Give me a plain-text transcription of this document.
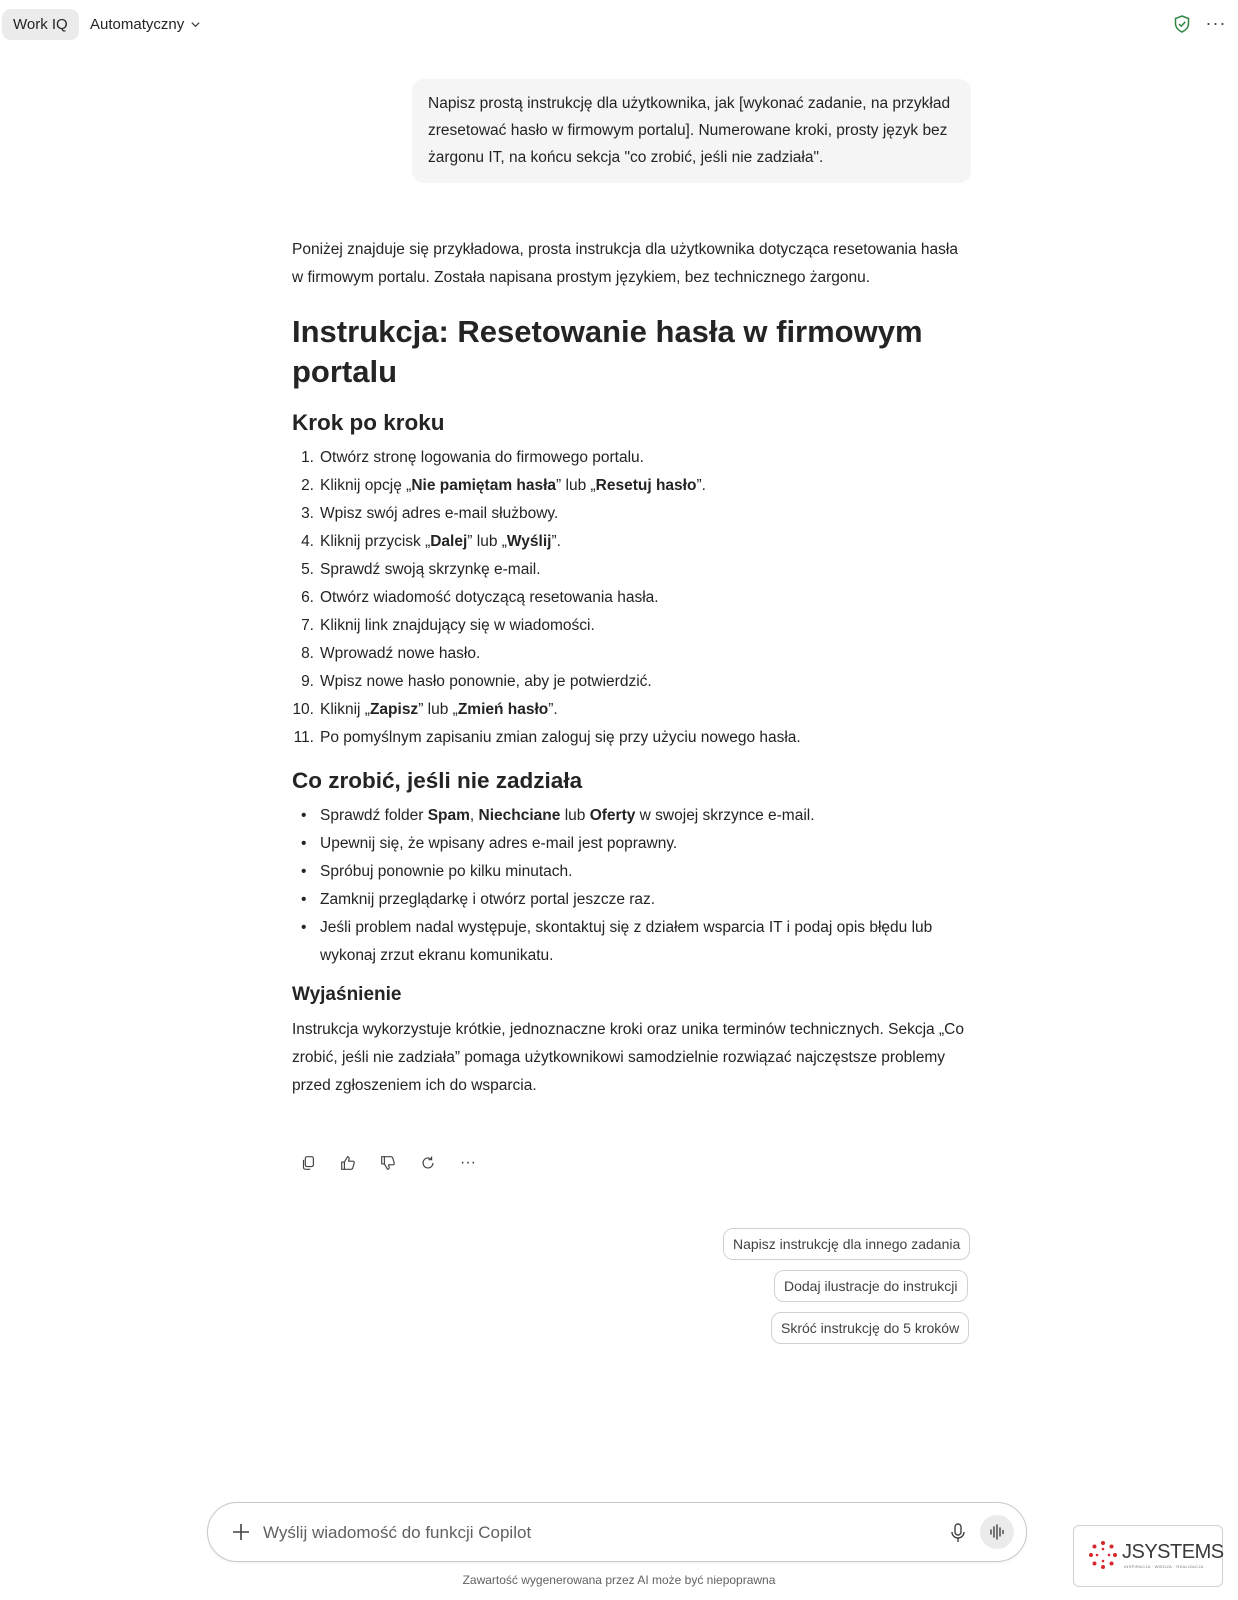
Work IQ	Automatyczny	···
Napisz prostą instrukcję dla użytkownika, jak [wykonać zadanie, na przykład zresetować hasło w firmowym portalu]. Numerowane kroki, prosty język bez żargonu IT, na końcu sekcja "co zrobić, jeśli nie zadziała".
Poniżej znajduje się przykładowa, prosta instrukcja dla użytkownika dotycząca resetowania hasła w firmowym portalu. Została napisana prostym językiem, bez technicznego żargonu.
Instrukcja: Resetowanie hasła w firmowym portalu
Krok po kroku
1. Otwórz stronę logowania do firmowego portalu.
2. Kliknij opcję „Nie pamiętam hasła” lub „Resetuj hasło”.
3. Wpisz swój adres e-mail służbowy.
4. Kliknij przycisk „Dalej” lub „Wyślij”.
5. Sprawdź swoją skrzynkę e-mail.
6. Otwórz wiadomość dotyczącą resetowania hasła.
7. Kliknij link znajdujący się w wiadomości.
8. Wprowadź nowe hasło.
9. Wpisz nowe hasło ponownie, aby je potwierdzić.
10. Kliknij „Zapisz” lub „Zmień hasło”.
11. Po pomyślnym zapisaniu zmian zaloguj się przy użyciu nowego hasła.
Co zrobić, jeśli nie zadziała
• Sprawdź folder Spam, Niechciane lub Oferty w swojej skrzynce e-mail.
• Upewnij się, że wpisany adres e-mail jest poprawny.
• Spróbuj ponownie po kilku minutach.
• Zamknij przeglądarkę i otwórz portal jeszcze raz.
• Jeśli problem nadal występuje, skontaktuj się z działem wsparcia IT i podaj opis błędu lub wykonaj zrzut ekranu komunikatu.
Wyjaśnienie
Instrukcja wykorzystuje krótkie, jednoznaczne kroki oraz unika terminów technicznych. Sekcja „Co zrobić, jeśli nie zadziała” pomaga użytkownikowi samodzielnie rozwiązać najczęstsze problemy przed zgłoszeniem ich do wsparcia.
···
Napisz instrukcję dla innego zadania
Dodaj ilustracje do instrukcji
Skróć instrukcję do 5 kroków
Wyślij wiadomość do funkcji Copilot
Zawartość wygenerowana przez AI może być niepoprawna
JSYSTEMS
INSPIRACJA · WIEDZA · REALIZACJA
